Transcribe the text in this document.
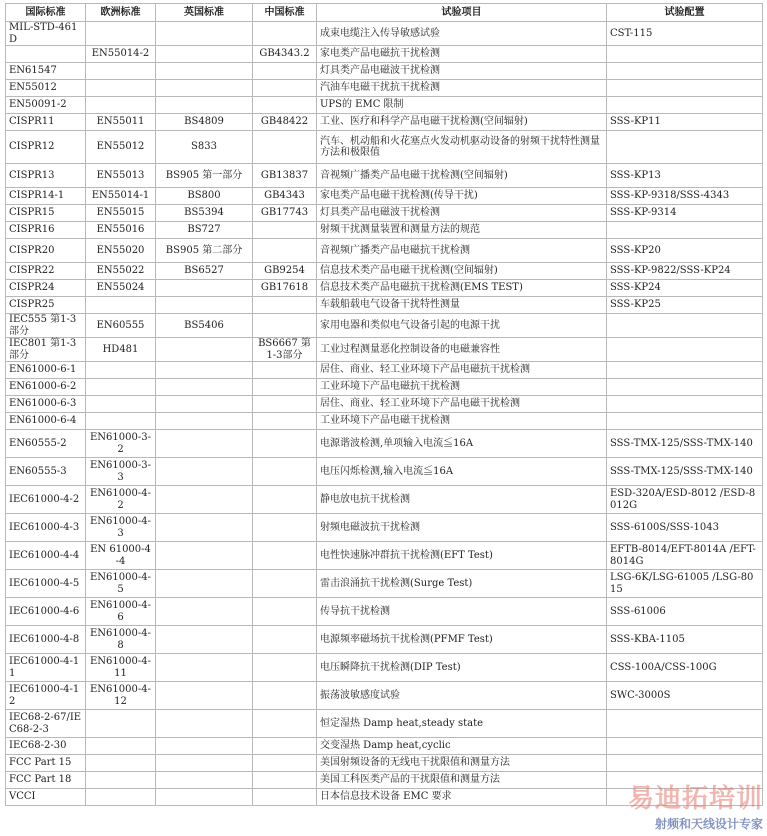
国际标准	欧洲标准	英国标准	中国标准	试验项目	试验配置
MIL-STD-461D				成束电缆注入传导敏感试验	CST-115
	EN55014-2		GB4343.2	家电类产品电磁抗干扰检测	
EN61547				灯具类产品电磁波干扰检测	
EN55012				汽油车电磁干扰抗干扰检测	
EN50091-2				UPS的 EMC 限制	
CISPR11	EN55011	BS4809	GB48422	工业、医疗和科学产品电磁干扰检测(空间辐射)	SSS-KP11
CISPR12	EN55012	S833		汽车、机动船和火花塞点火发动机驱动设备的射频干扰特性测量方法和极限值	
CISPR13	EN55013	BS905 第一部分	GB13837	音视频广播类产品电磁干扰检测(空间辐射)	SSS-KP13
CISPR14-1	EN55014-1	BS800	GB4343	家电类产品电磁干扰检测(传导干扰)	SSS-KP-9318/SSS-4343
CISPR15	EN55015	BS5394	GB17743	灯具类产品电磁波干扰检测	SSS-KP-9314
CISPR16	EN55016	BS727		射频干扰测量装置和测量方法的规范	
CISPR20	EN55020	BS905 第二部分		音视频广播类产品电磁抗干扰检测	SSS-KP20
CISPR22	EN55022	BS6527	GB9254	信息技术类产品电磁干扰检测(空间辐射)	SSS-KP-9822/SSS-KP24
CISPR24	EN55024		GB17618	信息技术类产品电磁抗干扰检测(EMS TEST)	SSS-KP24
CISPR25				车载船载电气设备干扰特性测量	SSS-KP25
IEC555 第1-3部分	EN60555	BS5406		家用电器和类似电气设备引起的电源干扰	
IEC801 第1-3部分	HD481		BS6667 第1-3部分	工业过程测量恶化控制设备的电磁兼容性	
EN61000-6-1				居住、商业、轻工业环境下产品电磁抗干扰检测	
EN61000-6-2				工业环境下产品电磁抗干扰检测	
EN61000-6-3				居住、商业、轻工业环境下产品电磁干扰检测	
EN61000-6-4				工业环境下产品电磁干扰检测	
EN60555-2	EN61000-3-2			电源谐波检测,单项输入电流≦16A	SSS-TMX-125/SSS-TMX-140
EN60555-3	EN61000-3-3			电压闪烁检测,输入电流≦16A	SSS-TMX-125/SSS-TMX-140
IEC61000-4-2	EN61000-4-2			静电放电抗干扰检测	ESD-320A/ESD-8012 /ESD-8012G
IEC61000-4-3	EN61000-4-3			射频电磁波抗干扰检测	SSS-6100S/SSS-1043
IEC61000-4-4	EN 61000-4-4			电性快速脉冲群抗干扰检测(EFT Test)	EFTB-8014/EFT-8014A /EFT-8014G
IEC61000-4-5	EN61000-4-5			雷击浪涌抗干扰检测(Surge Test)	LSG-6K/LSG-61005 /LSG-8015
IEC61000-4-6	EN61000-4-6			传导抗干扰检测	SSS-61006
IEC61000-4-8	EN61000-4-8			电源频率磁场抗干扰检测(PFMF Test)	SSS-KBA-1105
IEC61000-4-11	EN61000-4-11			电压瞬降抗干扰检测(DIP Test)	CSS-100A/CSS-100G
IEC61000-4-12	EN61000-4-12			振荡波敏感度试验	SWC-3000S
IEC68-2-67/IEC68-2-3				恒定湿热 Damp heat,steady state	
IEC68-2-30				交变湿热 Damp heat,cyclic	
FCC Part 15				美国射频设备的无线电干扰限值和测量方法	
FCC Part 18				美国工科医类产品的干扰限值和测量方法	
VCCI				日本信息技术设备 EMC 要求		易迪拓培训
射频和天线设计专家
